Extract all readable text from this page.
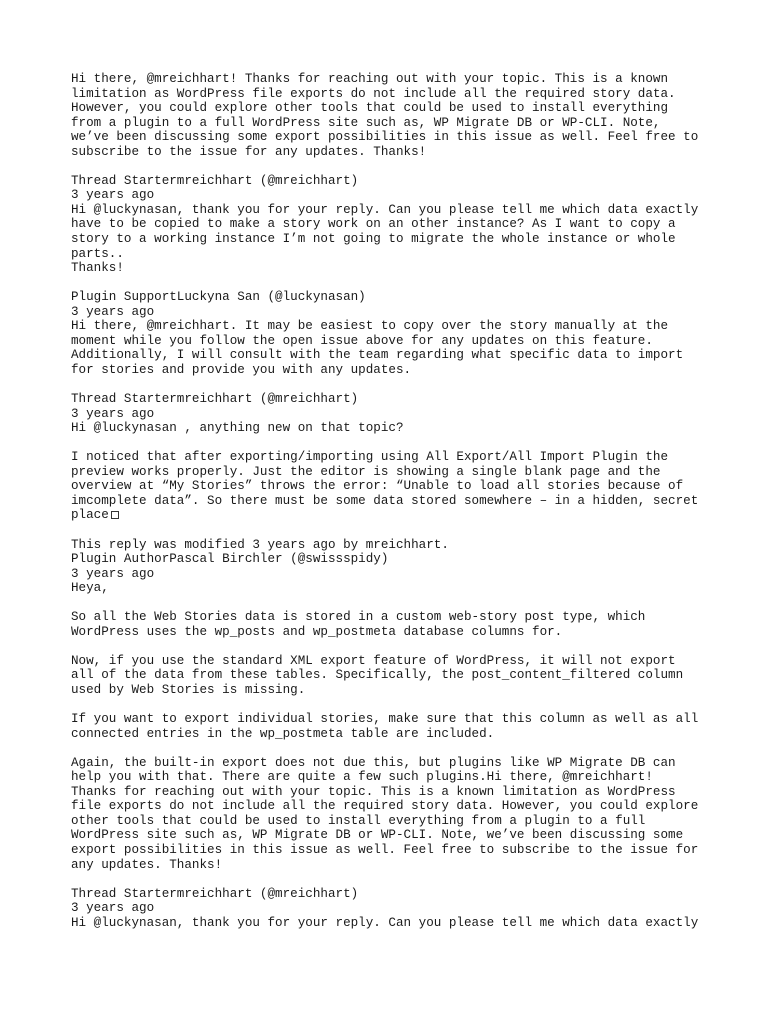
Hi there, @mreichhart! Thanks for reaching out with your topic. This is a known
limitation as WordPress file exports do not include all the required story data.
However, you could explore other tools that could be used to install everything
from a plugin to a full WordPress site such as, WP Migrate DB or WP-CLI. Note,
we’ve been discussing some export possibilities in this issue as well. Feel free to
subscribe to the issue for any updates. Thanks!
Thread Startermreichhart (@mreichhart)
3 years ago
Hi @luckynasan, thank you for your reply. Can you please tell me which data exactly
have to be copied to make a story work on an other instance? As I want to copy a
story to a working instance I’m not going to migrate the whole instance or whole
parts..
Thanks!
Plugin SupportLuckyna San (@luckynasan)
3 years ago
Hi there, @mreichhart. It may be easiest to copy over the story manually at the
moment while you follow the open issue above for any updates on this feature.
Additionally, I will consult with the team regarding what specific data to import
for stories and provide you with any updates.
Thread Startermreichhart (@mreichhart)
3 years ago
Hi @luckynasan , anything new on that topic?
I noticed that after exporting/importing using All Export/All Import Plugin the
preview works properly. Just the editor is showing a single blank page and the
overview at “My Stories” throws the error: “Unable to load all stories because of
imcomplete data”. So there must be some data stored somewhere – in a hidden, secret
place
This reply was modified 3 years ago by mreichhart.
Plugin AuthorPascal Birchler (@swissspidy)
3 years ago
Heya,
So all the Web Stories data is stored in a custom web-story post type, which
WordPress uses the wp_posts and wp_postmeta database columns for.
Now, if you use the standard XML export feature of WordPress, it will not export
all of the data from these tables. Specifically, the post_content_filtered column
used by Web Stories is missing.
If you want to export individual stories, make sure that this column as well as all
connected entries in the wp_postmeta table are included.
Again, the built-in export does not due this, but plugins like WP Migrate DB can
help you with that. There are quite a few such plugins.Hi there, @mreichhart!
Thanks for reaching out with your topic. This is a known limitation as WordPress
file exports do not include all the required story data. However, you could explore
other tools that could be used to install everything from a plugin to a full
WordPress site such as, WP Migrate DB or WP-CLI. Note, we’ve been discussing some
export possibilities in this issue as well. Feel free to subscribe to the issue for
any updates. Thanks!
Thread Startermreichhart (@mreichhart)
3 years ago
Hi @luckynasan, thank you for your reply. Can you please tell me which data exactly
